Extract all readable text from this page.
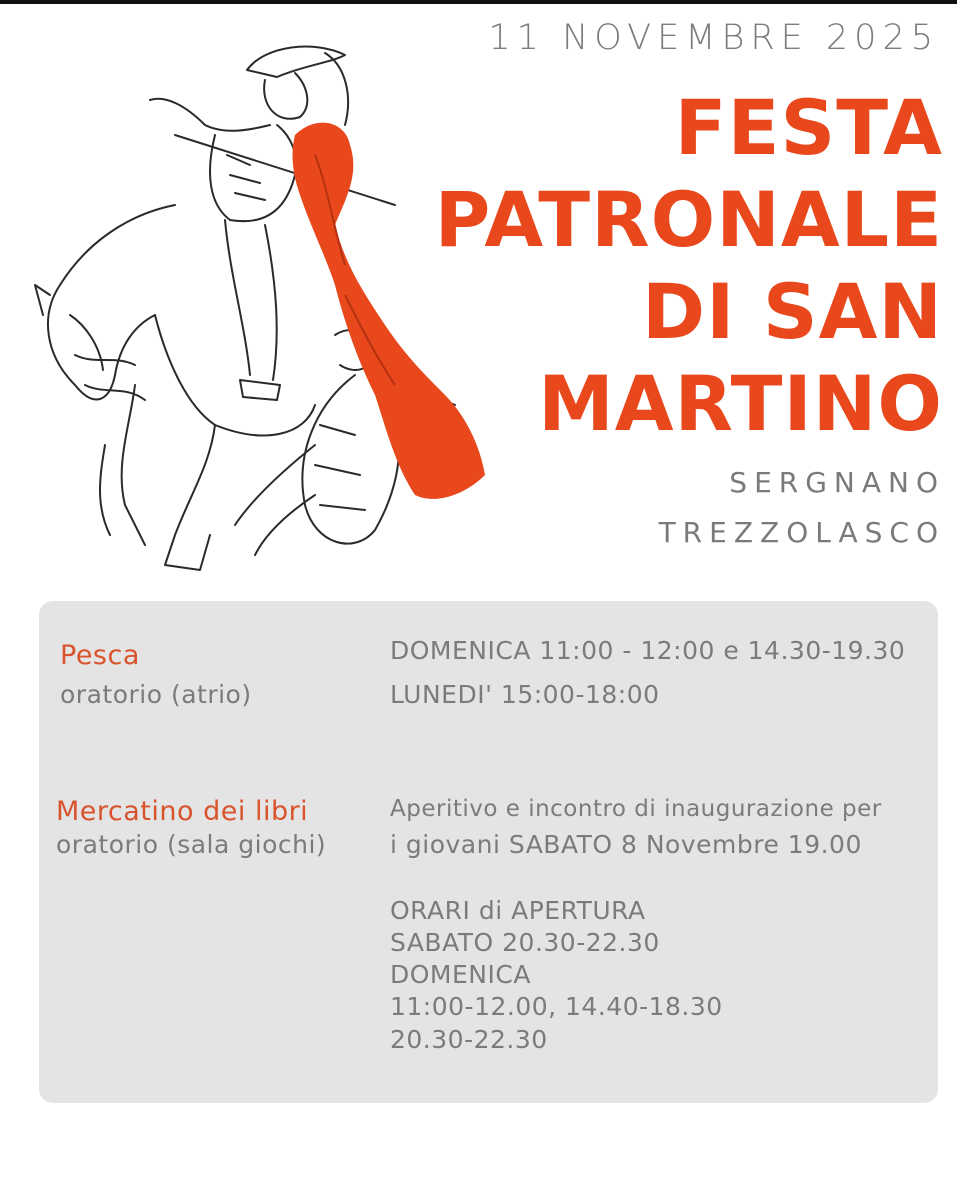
11 NOVEMBRE 2025
FESTA
PATRONALE
DI SAN
MARTINO
SERGNANO
TREZZOLASCO
Pesca
oratorio (atrio)
DOMENICA 11:00 - 12:00 e 14.30-19.30
LUNEDI' 15:00-18:00
Mercatino dei libri
oratorio (sala giochi)
Aperitivo e incontro di inaugurazione per
i giovani SABATO 8 Novembre 19.00
ORARI di APERTURA
SABATO 20.30-22.30
DOMENICA
11:00-12.00, 14.40-18.30
20.30-22.30
